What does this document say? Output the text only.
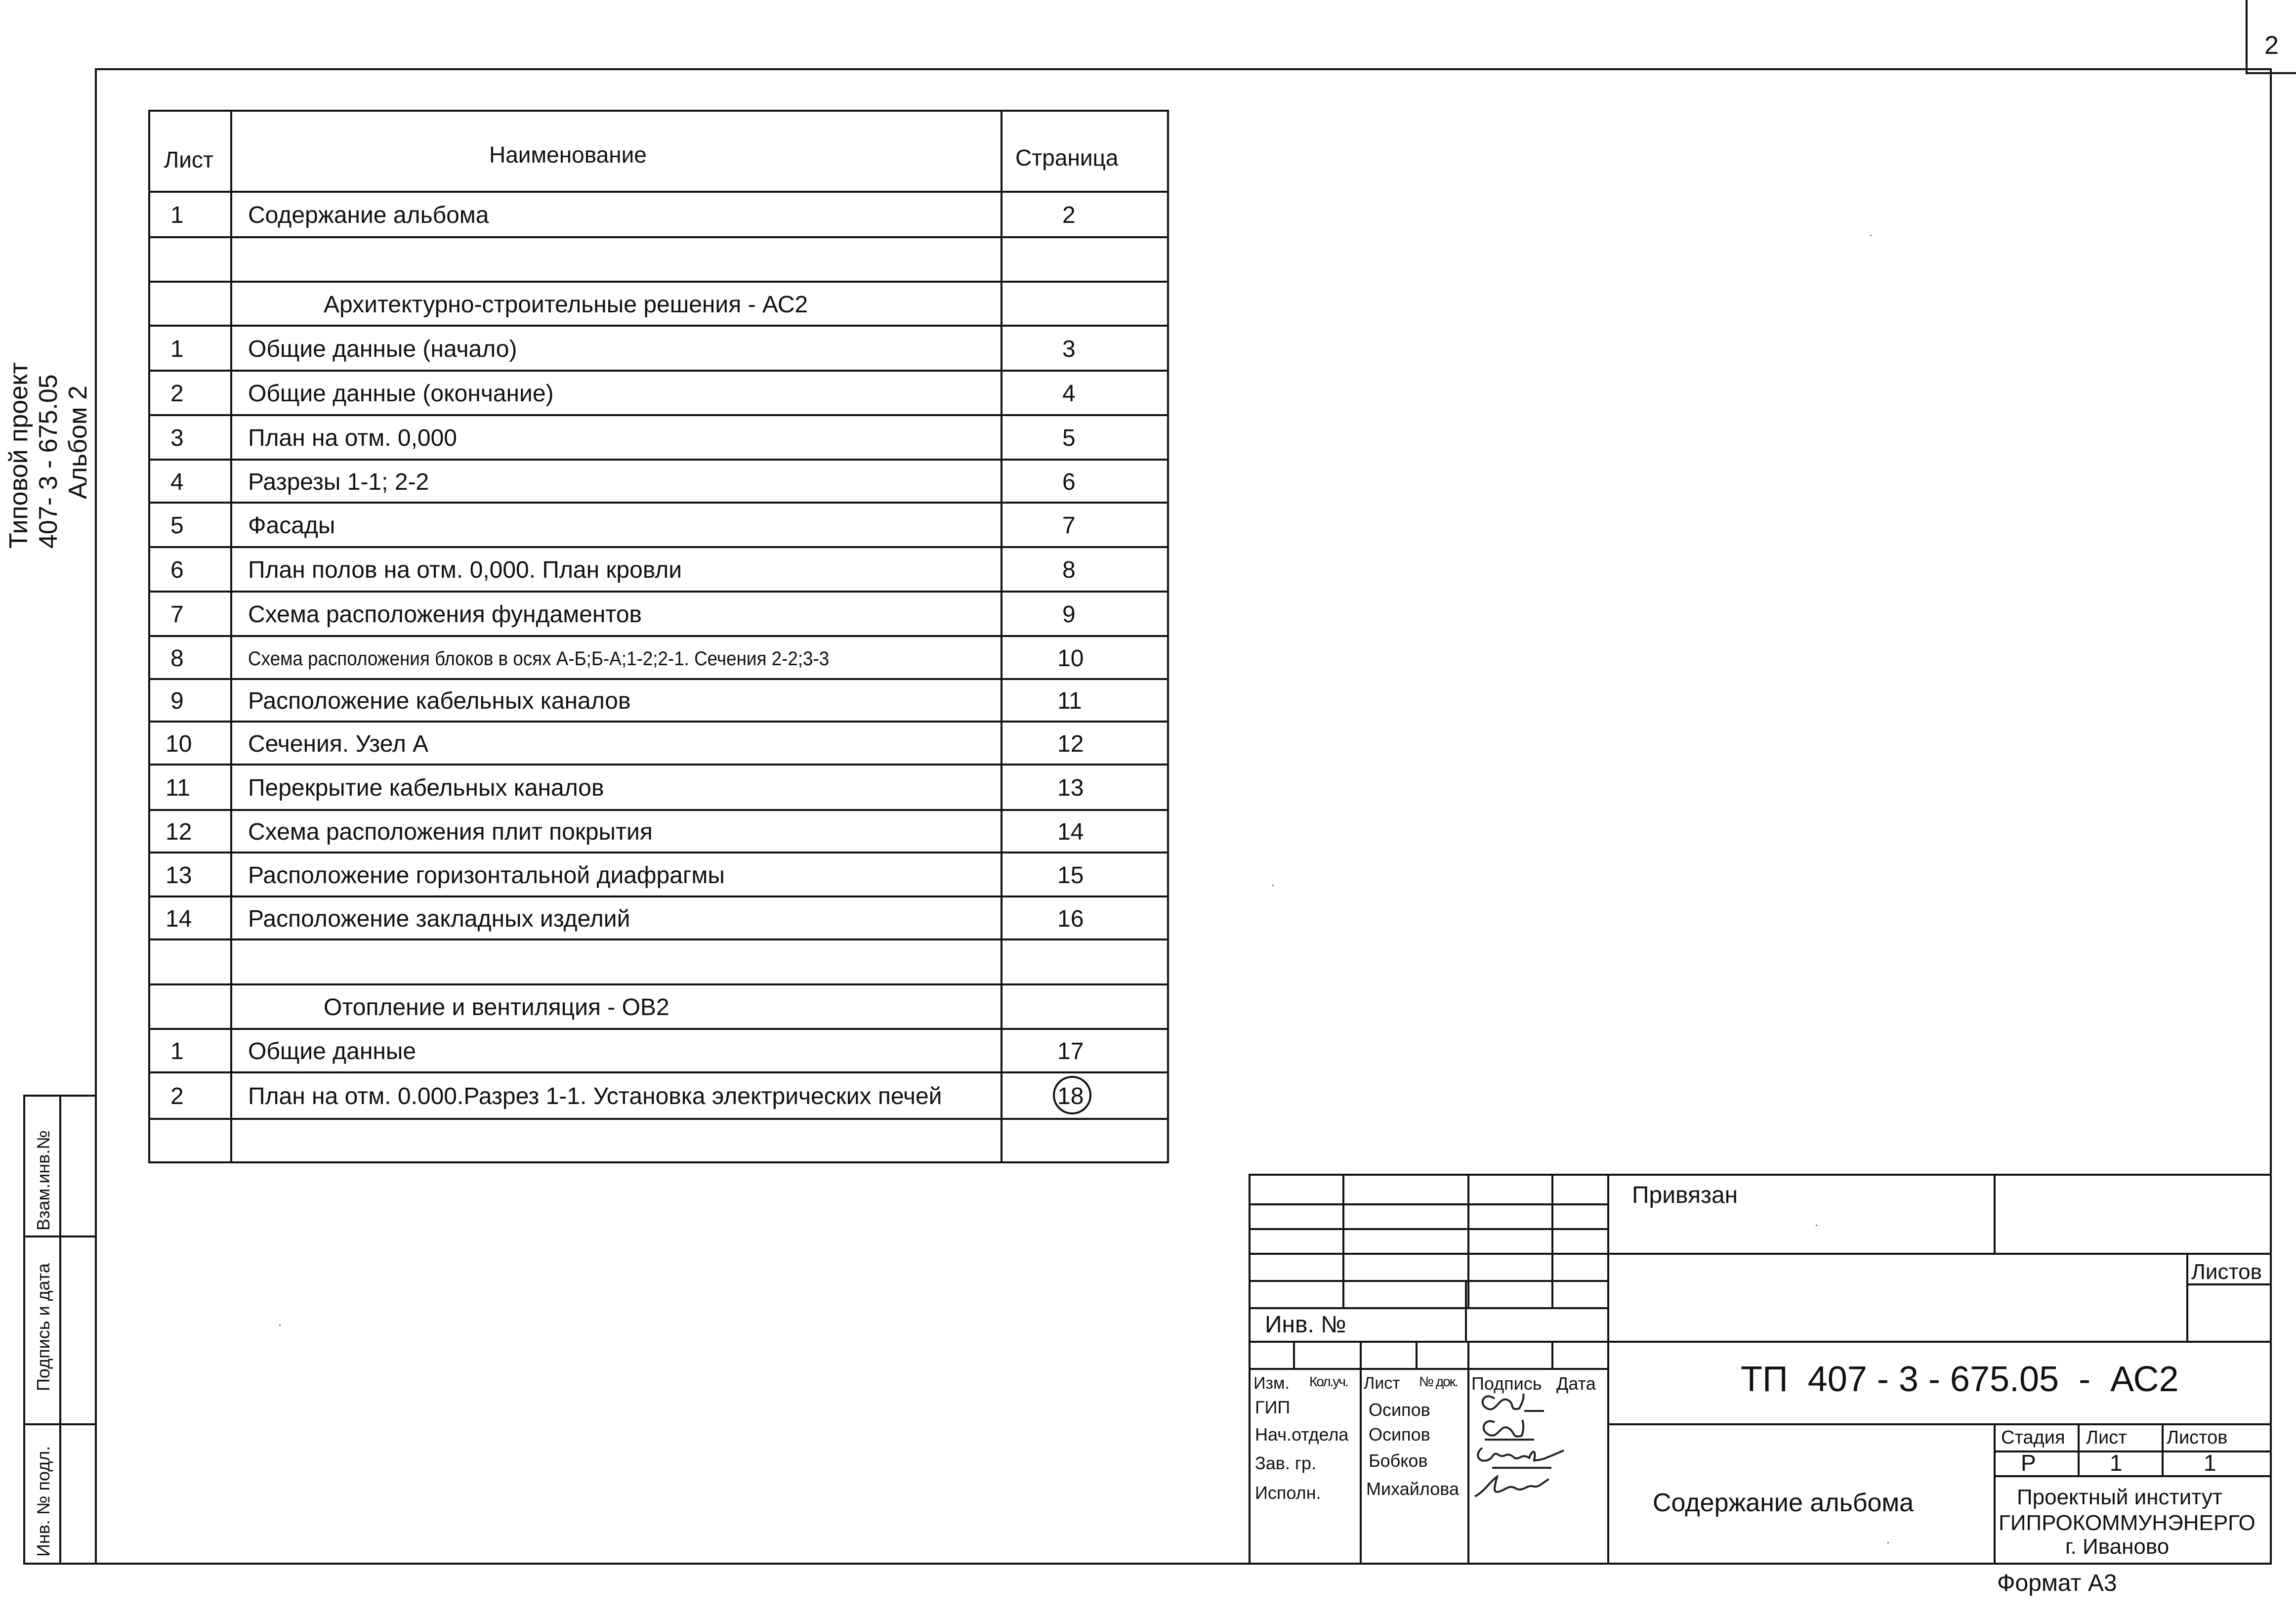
2
Типовой проект 407- 3 - 675.05 Альбом 2
Взам.инв.№
Подпись и дата
Инв. № подл.
Лист	Наименование	Страница
1	Содержание альбома	2
Архитектурно-строительные решения - АС2
1	Общие данные (начало)	3
2	Общие данные (окончание)	4
3	План на отм. 0,000	5
4	Разрезы 1-1; 2-2	6
5	Фасады	7
6	План полов на отм. 0,000. План кровли	8
7	Схема расположения фундаментов	9
8	Схема расположения блоков в осях А-Б;Б-А;1-2;2-1. Сечения 2-2;3-3	10
9	Расположение кабельных каналов	11
10 Сечения. Узел А	12
11 Перекрытие кабельных каналов	13
12 Схема расположения плит покрытия	14
13 Расположение горизонтальной диафрагмы	15
14 Расположение закладных изделий	16
Отопление и вентиляция - ОВ2
1	Общие данные	17
2	План на отм. 0.000.Разрез 1-1. Установка электрических печей	18
Привязан
Листов
Инв. №
ТП  407 - 3 - 675.05  -  АС2
Изм. Кол.уч. Лист № док. Подпись Дата
ГИП	Осипов
Нач.отдела Осипов
Зав. гр.	Бобков
Исполн.	Михайлова
Стадия Лист Листов
Р	1	1
Содержание альбома	Проектный институт
ГИПРОКОММУНЭНЕРГО
г. Иваново
Формат А3
